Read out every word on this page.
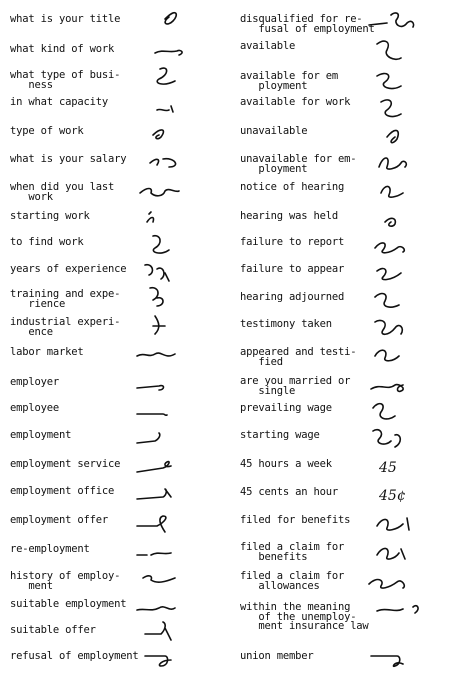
what is your title
what kind of work
what type of busi-
ness
in what capacity
type of work
what is your salary
when did you last
work
starting work
to find work
years of experience
training and expe-
rience
industrial experi-
ence
labor market
employer
employee
employment
employment service
employment office
employment offer
re-employment
history of employ-
ment
suitable employment
suitable offer
refusal of employment
disqualified for re-
fusal of employment
available
available for em
ployment
available for work
unavailable
unavailable for em-
ployment
notice of hearing
hearing was held
failure to report
failure to appear
hearing adjourned
testimony taken
appeared and testi-
fied
are you married or
single
prevailing wage
starting wage
45 hours a week	45
45 cents an hour	45¢
filed for benefits
filed a claim for
benefits
filed a claim for
allowances
within the meaning
of the unemploy-
ment insurance law
union member
